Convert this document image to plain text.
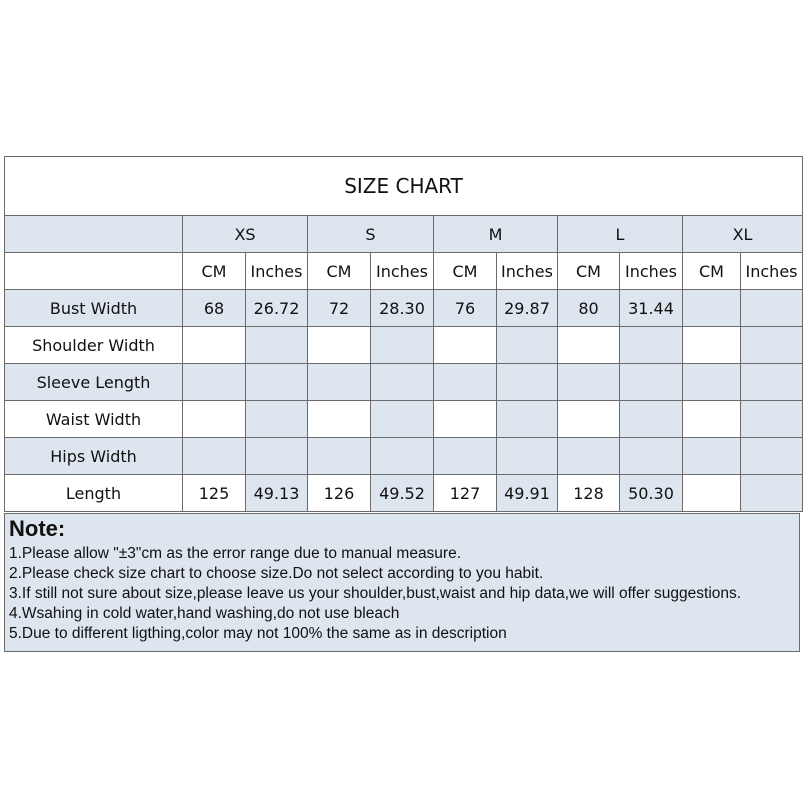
SIZE CHART										
	XS		S		M		L		XL	
	CM	Inches	CM	Inches	CM	Inches	CM	Inches	CM	Inches
Bust Width	68	26.72	72	28.30	76	29.87	80	31.44		
Shoulder Width										
Sleeve Length										
Waist Width										
Hips Width										
Length	125	49.13	126	49.52	127	49.91	128	50.30		
Note:
1.Please allow "±3"cm as the error range due to manual measure.
2.Please check size chart to choose size.Do not select according to you habit.
3.If still not sure about size,please leave us your shoulder,bust,waist and hip data,we will offer suggestions.
4.Wsahing in cold water,hand washing,do not use bleach
5.Due to different ligthing,color may not 100% the same as in description
